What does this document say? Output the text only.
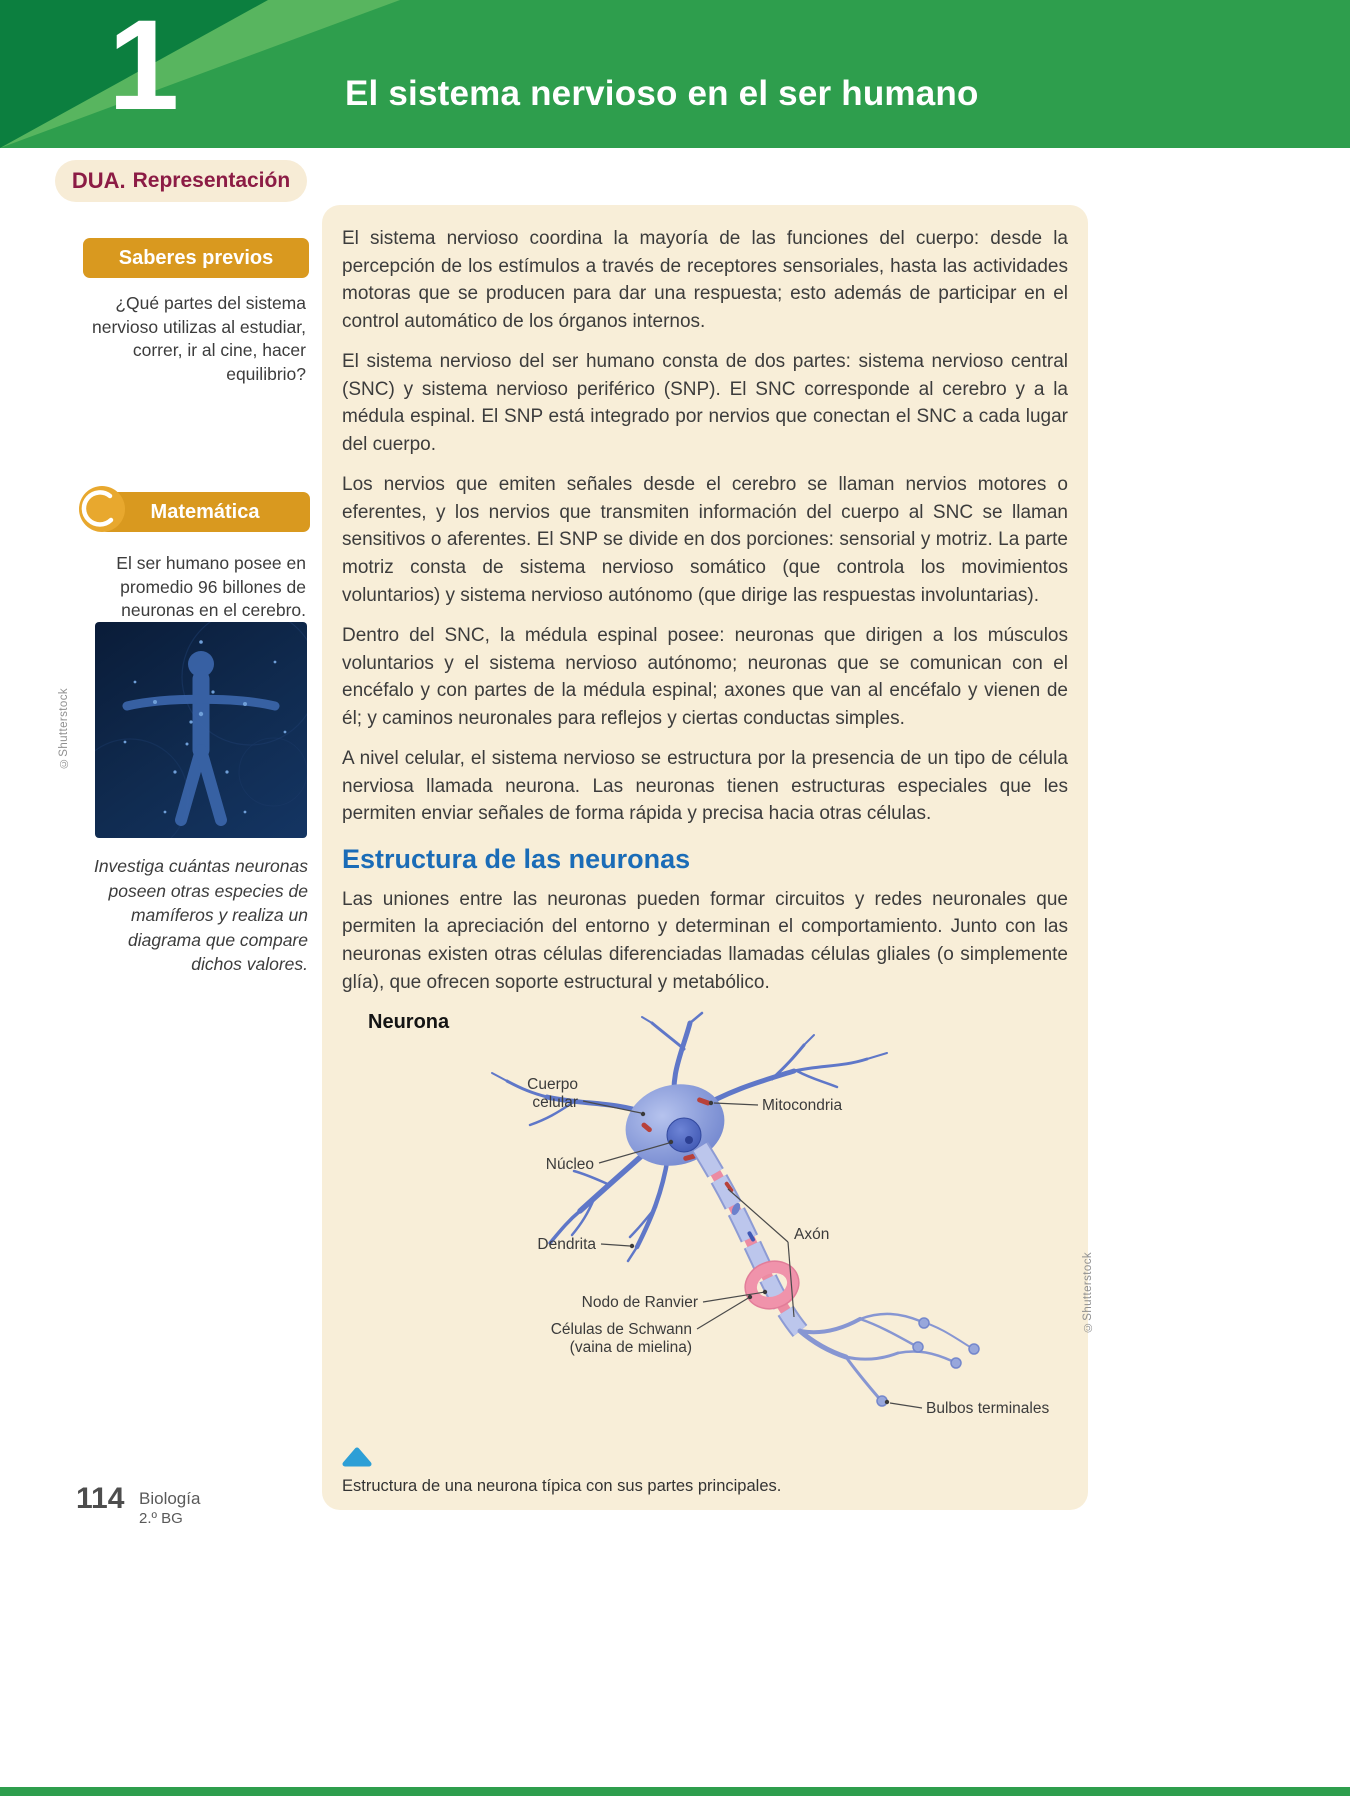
1	El sistema nervioso en el ser humano
DUA. Representación
Saberes previos
¿Qué partes del sistema nervioso utilizas al estudiar, correr, ir al cine, hacer equilibrio?
Matemática
El ser humano posee en promedio 96 billones de neuronas en el cerebro.
©Shutterstock
Investiga cuántas neuronas poseen otras especies de mamíferos y realiza un diagrama que compare dichos valores.

El sistema nervioso coordina la mayoría de las funciones del cuerpo: desde la percepción de los estímulos a través de receptores sensoriales, hasta las actividades motoras que se producen para dar una respuesta; esto además de participar en el control automático de los órganos internos.

El sistema nervioso del ser humano consta de dos partes: sistema nervioso central (SNC) y sistema nervioso periférico (SNP). El SNC corresponde al cerebro y a la médula espinal. El SNP está integrado por nervios que conectan el SNC a cada lugar del cuerpo.

Los nervios que emiten señales desde el cerebro se llaman nervios motores o eferentes, y los nervios que transmiten información del cuerpo al SNC se llaman sensitivos o aferentes. El SNP se divide en dos porciones: sensorial y motriz. La parte motriz consta de sistema nervioso somático (que controla los movimientos voluntarios) y sistema nervioso autónomo (que dirige las respuestas involuntarias).

Dentro del SNC, la médula espinal posee: neuronas que dirigen a los músculos voluntarios y el sistema nervioso autónomo; neuronas que se comunican con el encéfalo y con partes de la médula espinal; axones que van al encéfalo y vienen de él; y caminos neuronales para reflejos y ciertas conductas simples.

A nivel celular, el sistema nervioso se estructura por la presencia de un tipo de célula nerviosa llamada neurona. Las neuronas tienen estructuras especiales que les permiten enviar señales de forma rápida y precisa hacia otras células.

Estructura de las neuronas

Las uniones entre las neuronas pueden formar circuitos y redes neuronales que permiten la apreciación del entorno y determinan el comportamiento. Junto con las neuronas existen otras células diferenciadas llamadas células gliales (o simplemente glía), que ofrecen soporte estructural y metabólico.

Neurona
Cuerpo
celular	Mitocondria
Núcleo
Dendrita
Axón
Nodo de Ranvier
Células de Schwann
(vaina de mielina)
Bulbos terminales

Estructura de una neurona típica con sus partes principales.

©Shutterstock
114 Biología
2.º BG
